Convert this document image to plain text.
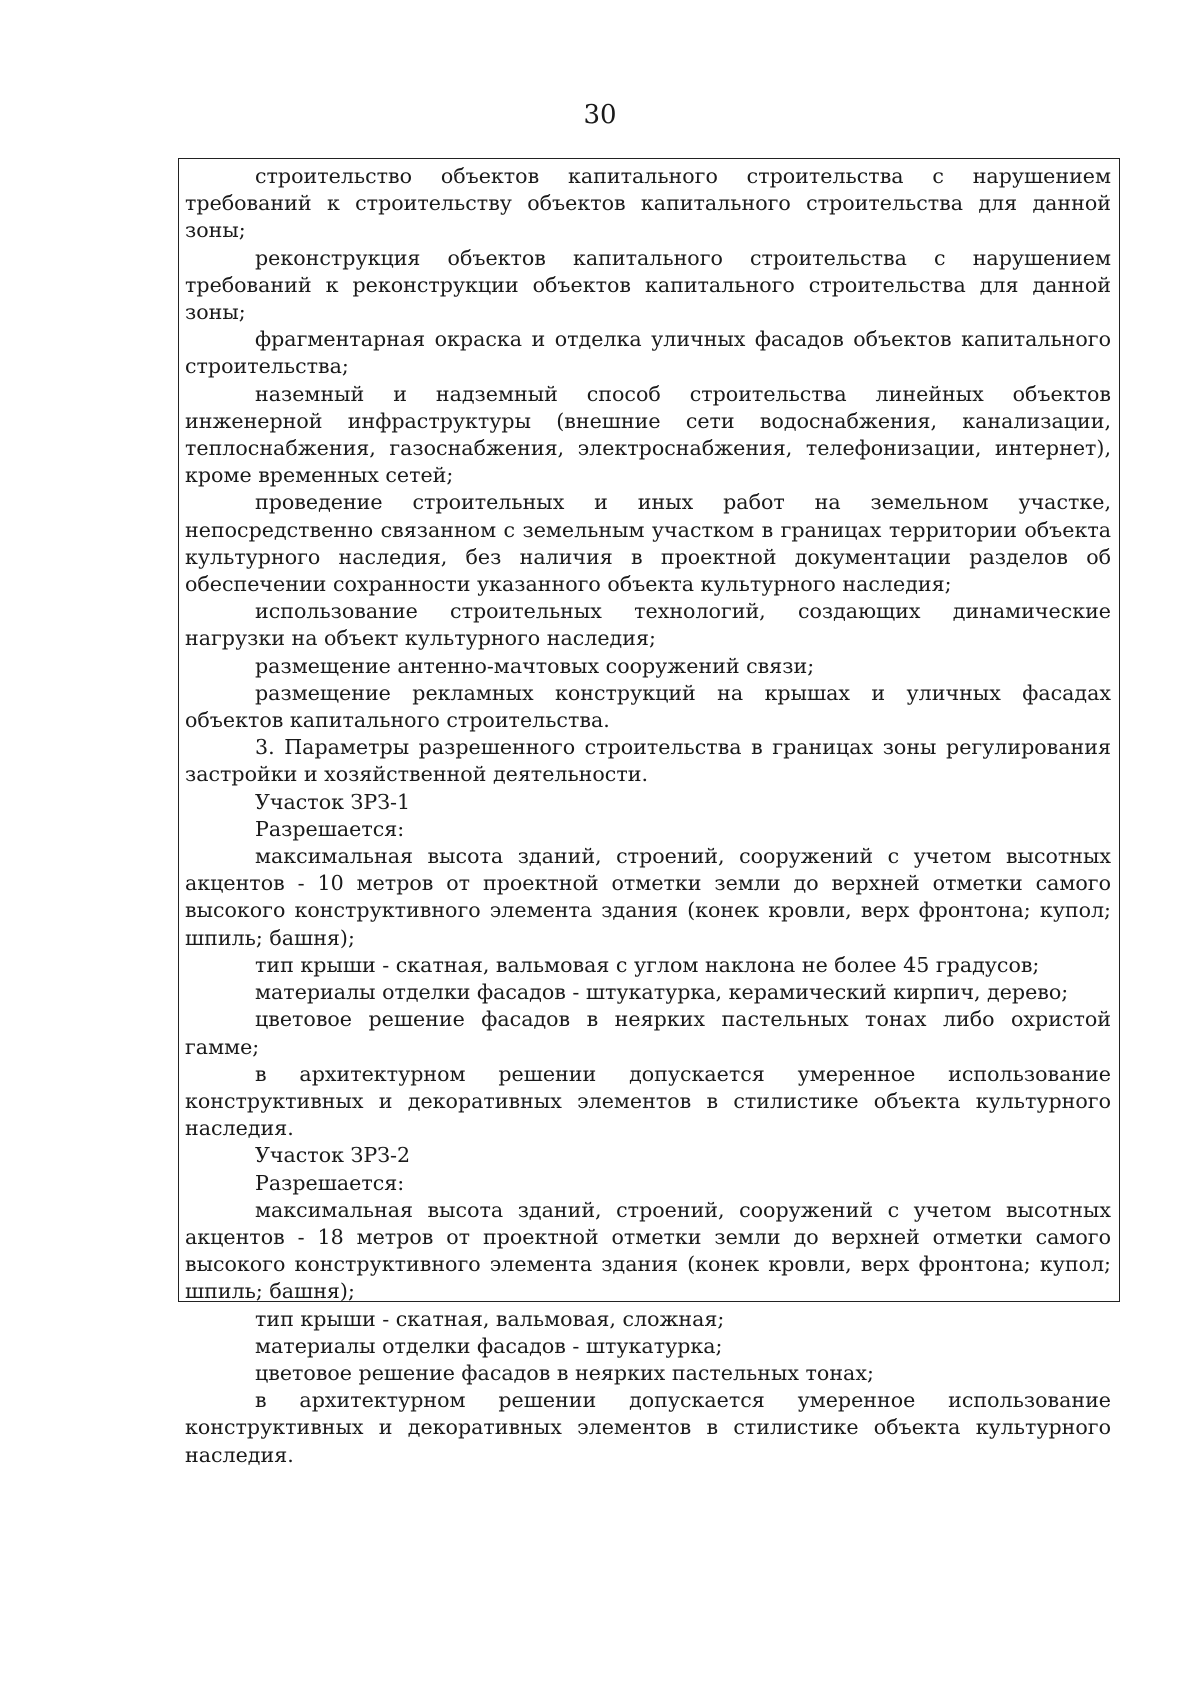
30

строительство объектов капитального строительства с нарушением требований к строительству объектов капитального строительства для данной зоны;

реконструкция объектов капитального строительства с нарушением требований к реконструкции объектов капитального строительства для данной зоны;

фрагментарная окраска и отделка уличных фасадов объектов капитального строительства;

наземный и надземный способ строительства линейных объектов инженерной инфраструктуры (внешние сети водоснабжения, канализации, теплоснабжения, газоснабжения, электроснабжения, телефонизации, интернет), кроме временных сетей;

проведение строительных и иных работ на земельном участке, непосредственно связанном с земельным участком в границах территории объекта культурного наследия, без наличия в проектной документации разделов об обеспечении сохранности указанного объекта культурного наследия;

использование строительных технологий, создающих динамические нагрузки на объект культурного наследия;

размещение антенно-мачтовых сооружений связи;

размещение рекламных конструкций на крышах и уличных фасадах объектов капитального строительства.

3. Параметры разрешенного строительства в границах зоны регулирования застройки и хозяйственной деятельности.

Участок ЗРЗ-1

Разрешается:

максимальная высота зданий, строений, сооружений с учетом высотных акцентов - 10 метров от проектной отметки земли до верхней отметки самого высокого конструктивного элемента здания (конек кровли, верх фронтона; купол; шпиль; башня);

тип крыши - скатная, вальмовая с углом наклона не более 45 градусов;

материалы отделки фасадов - штукатурка, керамический кирпич, дерево;

цветовое решение фасадов в неярких пастельных тонах либо охристой гамме;

в архитектурном решении допускается умеренное использование конструктивных и декоративных элементов в стилистике объекта культурного наследия.

Участок ЗРЗ-2

Разрешается:

максимальная высота зданий, строений, сооружений с учетом высотных акцентов - 18 метров от проектной отметки земли до верхней отметки самого высокого конструктивного элемента здания (конек кровли, верх фронтона; купол; шпиль; башня);

тип крыши - скатная, вальмовая, сложная;

материалы отделки фасадов - штукатурка;

цветовое решение фасадов в неярких пастельных тонах;

в архитектурном решении допускается умеренное использование конструктивных и декоративных элементов в стилистике объекта культурного наследия.
